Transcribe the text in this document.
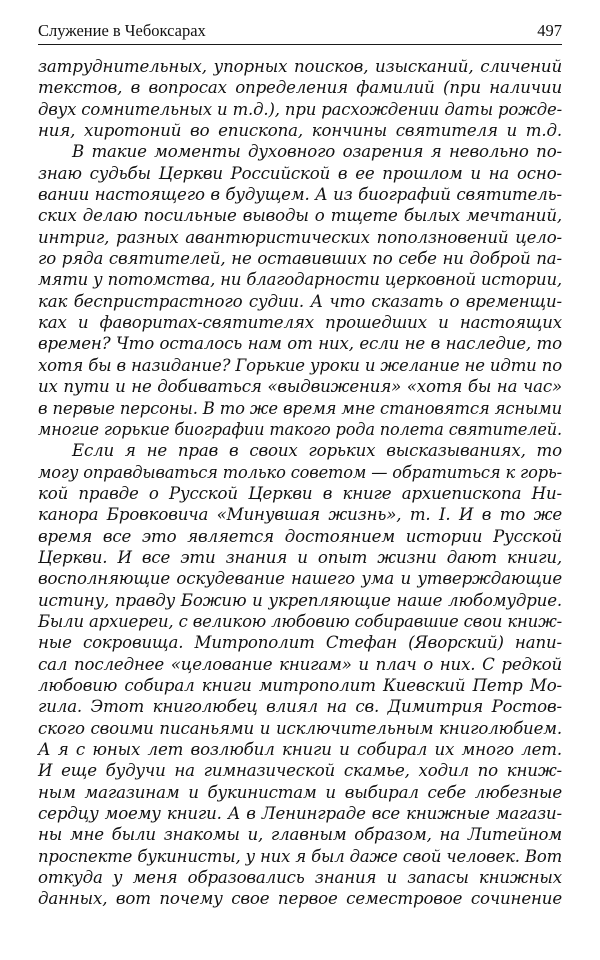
Служение в Чебоксарах	497
затруднительных, упорных поисков, изысканий, сличений
текстов, в вопросах определения фамилий (при наличии
двух сомнительных и т.д.), при расхождении даты рожде-
ния, хиротоний во епископа, кончины святителя и т.д.
В такие моменты духовного озарения я невольно по-
знаю судьбы Церкви Российской в ее прошлом и на осно-
вании настоящего в будущем. А из биографий святитель-
ских делаю посильные выводы о тщете былых мечтаний,
интриг, разных авантюристических поползновений цело-
го ряда святителей, не оставивших по себе ни доброй па-
мяти у потомства, ни благодарности церковной истории,
как беспристрастного судии. А что сказать о временщи-
ках и фаворитах-святителях прошедших и настоящих
времен? Что осталось нам от них, если не в наследие, то
хотя бы в назидание? Горькие уроки и желание не идти по
их пути и не добиваться «выдвижения» «хотя бы на час»
в первые персоны. В то же время мне становятся ясными
многие горькие биографии такого рода полета святителей.
Если я не прав в своих горьких высказываниях, то
могу оправдываться только советом — обратиться к горь-
кой правде о Русской Церкви в книге архиепископа Ни-
канора Бровковича «Минувшая жизнь», т. I. И в то же
время все это является достоянием истории Русской
Церкви. И все эти знания и опыт жизни дают книги,
восполняющие оскудевание нашего ума и утверждающие
истину, правду Божию и укрепляющие наше любомудрие.
Были архиереи, с великою любовию собиравшие свои книж-
ные сокровища. Митрополит Стефан (Яворский) напи-
сал последнее «целование книгам» и плач о них. С редкой
любовию собирал книги митрополит Киевский Петр Мо-
гила. Этот книголюбец влиял на св. Димитрия Ростов-
ского своими писаньями и исключительным книголюбием.
А я с юных лет возлюбил книги и собирал их много лет.
И еще будучи на гимназической скамье, ходил по книж-
ным магазинам и букинистам и выбирал себе любезные
сердцу моему книги. А в Ленинграде все книжные магази-
ны мне были знакомы и, главным образом, на Литейном
проспекте букинисты, у них я был даже свой человек. Вот
откуда у меня образовались знания и запасы книжных
данных, вот почему свое первое семестровое сочинение
